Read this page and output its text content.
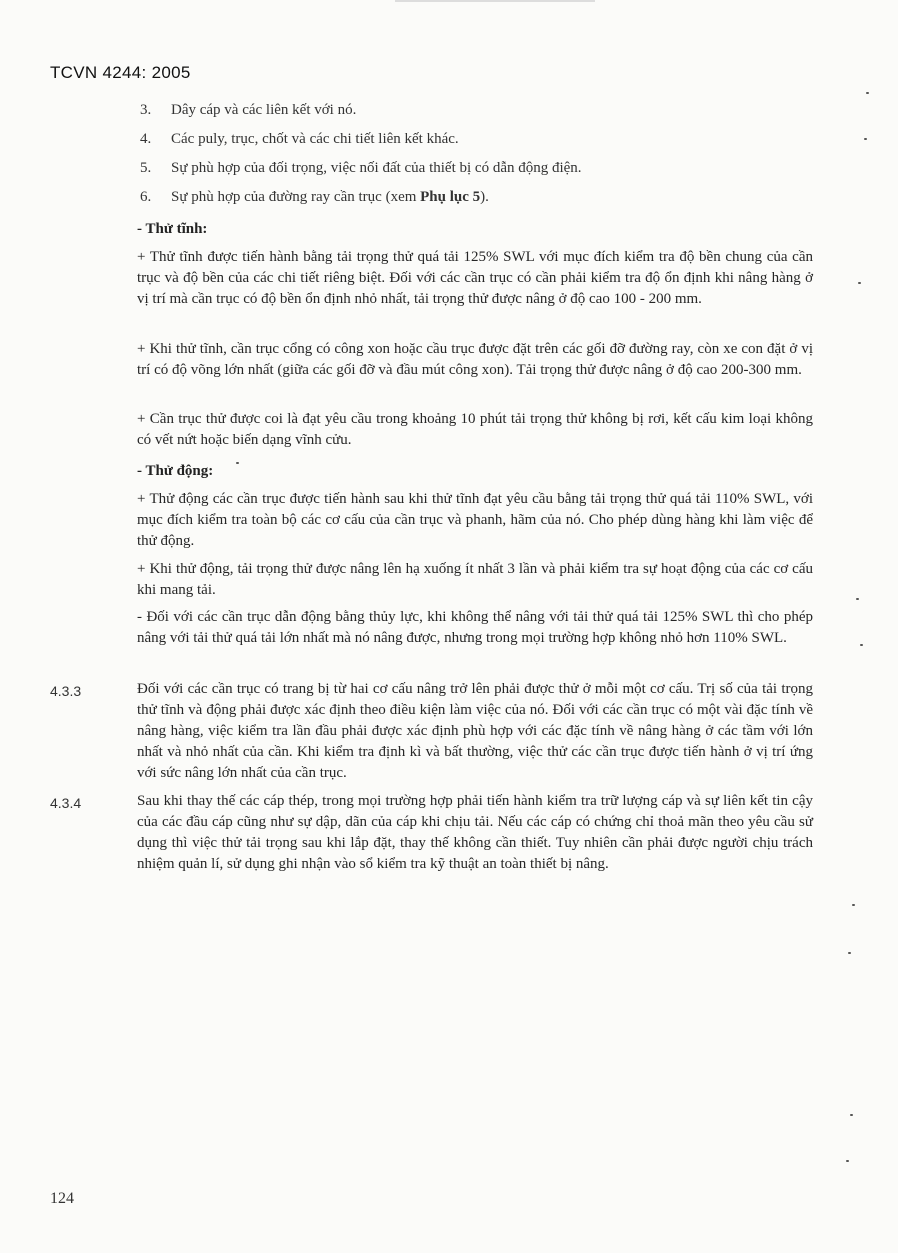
TCVN 4244: 2005
3. Dây cáp và các liên kết với nó.
4. Các puly, trục, chốt và các chi tiết liên kết khác.
5. Sự phù hợp của đối trọng, việc nối đất của thiết bị có dẫn động điện.
6. Sự phù hợp của đường ray cần trục (xem Phụ lục 5).
- Thử tĩnh:
+ Thử tĩnh được tiến hành bằng tải trọng thử quá tải 125% SWL với mục đích kiểm tra độ bền chung của cần trục và độ bền của các chi tiết riêng biệt. Đối với các cần trục có cần phải kiểm tra độ ổn định khi nâng hàng ở vị trí mà cần trục có độ bền ổn định nhỏ nhất, tải trọng thử được nâng ở độ cao 100 - 200 mm.
+ Khi thử tĩnh, cần trục cổng có công xon hoặc cầu trục được đặt trên các gối đỡ đường ray, còn xe con đặt ở vị trí có độ võng lớn nhất (giữa các gối đỡ và đầu mút công xon). Tải trọng thử được nâng ở độ cao 200-300 mm.
+ Cần trục thử được coi là đạt yêu cầu trong khoảng 10 phút tải trọng thử không bị rơi, kết cấu kim loại không có vết nứt hoặc biến dạng vĩnh cửu.
- Thử động:
+ Thử động các cần trục được tiến hành sau khi thử tĩnh đạt yêu cầu bằng tải trọng thử quá tải 110% SWL, với mục đích kiểm tra toàn bộ các cơ cấu của cần trục và phanh, hãm của nó. Cho phép dùng hàng khi làm việc để thử động.
+ Khi thử động, tải trọng thử được nâng lên hạ xuống ít nhất 3 lần và phải kiểm tra sự hoạt động của các cơ cấu khi mang tải.
- Đối với các cần trục dẫn động bằng thủy lực, khi không thể nâng với tải thử quá tải 125% SWL thì cho phép nâng với tải thử quá tải lớn nhất mà nó nâng được, nhưng trong mọi trường hợp không nhỏ hơn 110% SWL.
4.3.3	Đối với các cần trục có trang bị từ hai cơ cấu nâng trở lên phải được thử ở mỗi một cơ cấu. Trị số của tải trọng thử tĩnh và động phải được xác định theo điều kiện làm việc của nó. Đối với các cần trục có một vài đặc tính về nâng hàng, việc kiểm tra lần đầu phải được xác định phù hợp với các đặc tính về nâng hàng ở các tầm với lớn nhất và nhỏ nhất của cần. Khi kiểm tra định kì và bất thường, việc thử các cần trục được tiến hành ở vị trí ứng với sức nâng lớn nhất của cần trục.
4.3.4	Sau khi thay thế các cáp thép, trong mọi trường hợp phải tiến hành kiểm tra trữ lượng cáp và sự liên kết tin cậy của các đầu cáp cũng như sự dập, dãn của cáp khi chịu tải. Nếu các cáp có chứng chỉ thoả mãn theo yêu cầu sử dụng thì việc thử tải trọng sau khi lắp đặt, thay thế không cần thiết. Tuy nhiên cần phải được người chịu trách nhiệm quản lí, sử dụng ghi nhận vào sổ kiểm tra kỹ thuật an toàn thiết bị nâng.
124
